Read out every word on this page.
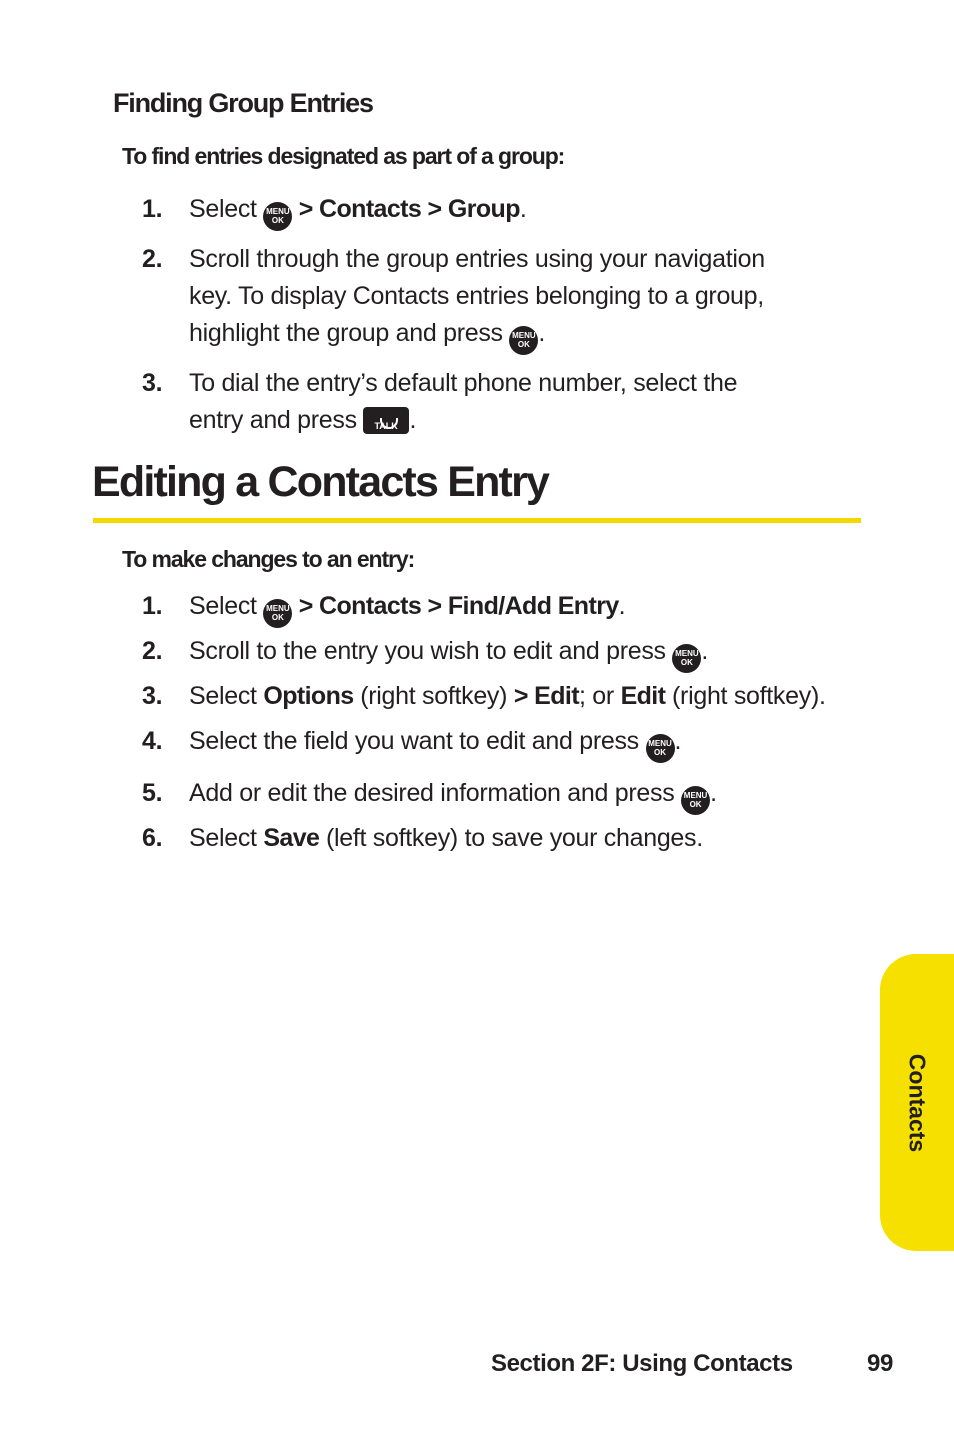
Finding Group Entries
To find entries designated as part of a group:
1. Select MENU
OK > Contacts > Group.
2. Scroll through the group entries using your navigation
key. To display Contacts entries belonging to a group,
highlight the group and press MENU
OK .
3. To dial the entry’s default phone number, select the
entry and press TALK .
Editing a Contacts Entry
To make changes to an entry:
1. Select MENU
OK > Contacts > Find/Add Entry.
2. Scroll to the entry you wish to edit and press MENU
OK .
3. Select Options (right softkey) > Edit; or Edit (right softkey).
4. Select the field you want to edit and press MENU
OK .
5. Add or edit the desired information and press MENU
OK .
6. Select Save (left softkey) to save your changes.
Contacts
Section 2F: Using Contacts	99
